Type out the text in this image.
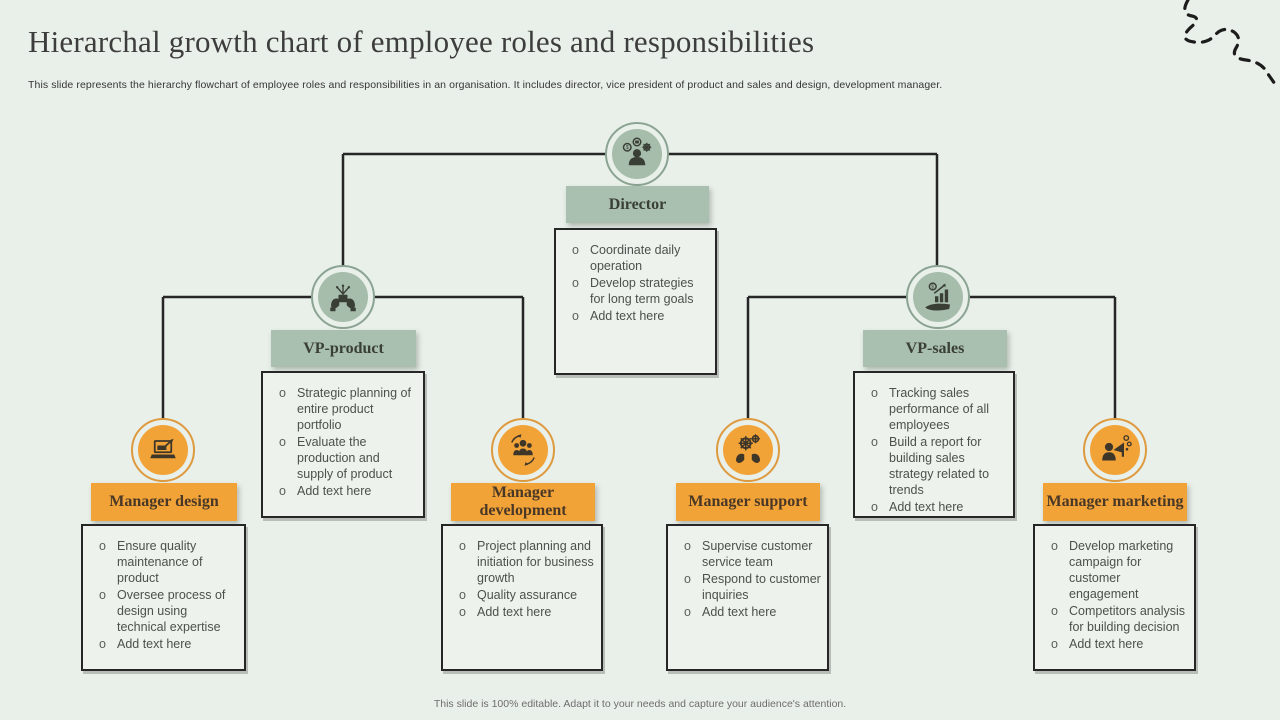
Hierarchal growth chart of employee roles and responsibilities

This slide represents the hierarchy flowchart of employee roles and responsibilities in an organisation. It includes director, vice president of product and sales and design, development manager.

$
Director
o Coordinate daily operation
o Develop strategies for long term goals
o Add text here
VP-product
o Strategic planning of entire product portfolio
o Evaluate the production and supply of product
o Add text here
$
VP-sales
o Tracking sales performance of all employees
o Build a report for building sales strategy related to trends
o Add text here
Manager design
o Ensure quality maintenance of product
o Oversee process of design using technical expertise
o Add text here
Manager development
o Project planning and initiation for business growth
o Quality assurance
o Add text here
Manager support
o Supervise customer service team
o Respond to customer inquiries
o Add text here
Manager marketing
o Develop marketing campaign for customer engagement
o Competitors analysis for building decision
o Add text here
This slide is 100% editable. Adapt it to your needs and capture your audience's attention.
